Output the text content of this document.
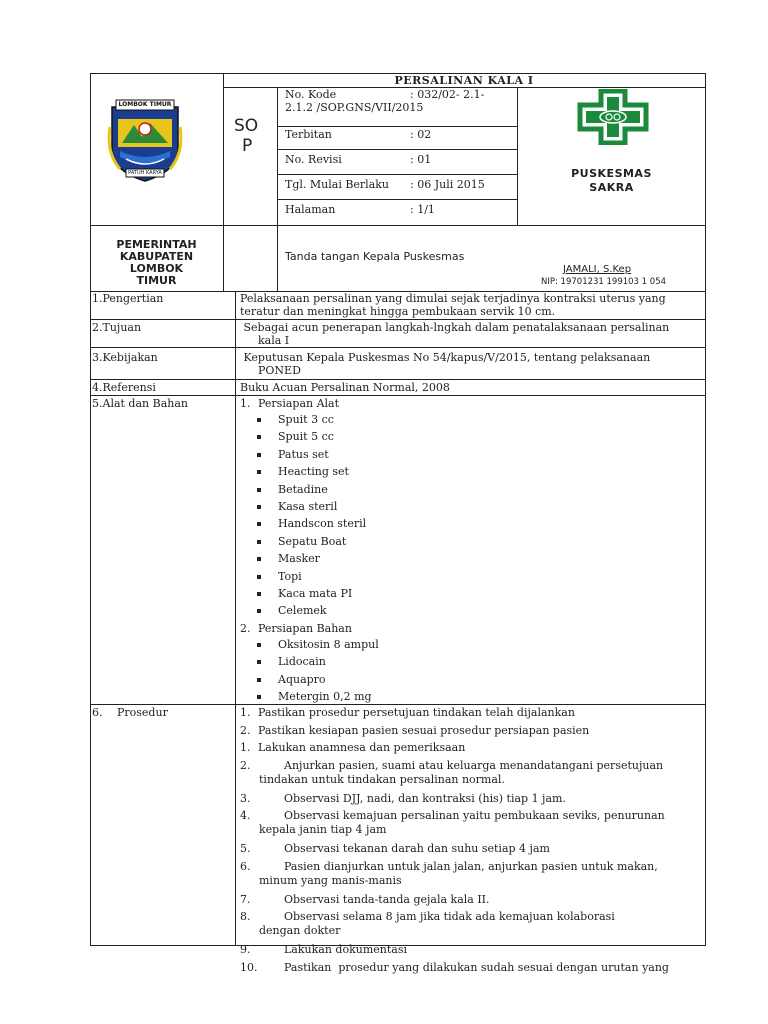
PERSALINAN KALA I
LOMBOK TIMUR
PATUH KARYA
SO
P
No. Kode	: 032/02- 2.1-
2.1.2 /SOP.GNS/VII/2015
Terbitan	: 02
No. Revisi	: 01
Tgl. Mulai Berlaku : 06 Juli 2015
Halaman	: 1/1
PUSKESMAS
SAKRA
PEMERINTAH
KABUPATEN
LOMBOK
TIMUR
Tanda tangan Kepala Puskesmas
JAMALI, S.Kep
NIP: 19701231 199103 1 054
1.Pengertian	Pelaksanaan persalinan yang dimulai sejak terjadinya kontraksi uterus yang
teratur dan meningkat hingga pembukaan servik 10 cm.
2.Tujuan	Sebagai acun penerapan langkah-lngkah dalam penatalaksanaan persalinan
kala I
3.Kebijakan	Keputusan Kepala Puskesmas No 54/kapus/V/2015, tentang pelaksanaan
PONED
4.Referensi	Buku Acuan Persalinan Normal, 2008
5.Alat dan Bahan	1. Persiapan Alat
Spuit 3 cc
Spuit 5 cc
Patus set
Heacting set
Betadine
Kasa steril
Handscon steril
Sepatu Boat
Masker
Topi
Kaca mata PI
Celemek
2. Persiapan Bahan
Oksitosin 8 ampul
Lidocain
Aquapro
Metergin 0,2 mg
6. Prosedur	1. Pastikan prosedur persetujuan tindakan telah dijalankan
2. Pastikan kesiapan pasien sesuai prosedur persiapan pasien
1. Lakukan anamnesa dan pemeriksaan
2.	Anjurkan pasien, suami atau keluarga menandatangani persetujuan
tindakan untuk tindakan persalinan normal.
3.	Observasi DJJ, nadi, dan kontraksi (his) tiap 1 jam.
4.	Observasi kemajuan persalinan yaitu pembukaan seviks, penurunan
kepala janin tiap 4 jam
5.	Observasi tekanan darah dan suhu setiap 4 jam
6.	Pasien dianjurkan untuk jalan jalan, anjurkan pasien untuk makan,
minum yang manis-manis
7.	Observasi tanda-tanda gejala kala II.
8.	Observasi selama 8 jam jika tidak ada kemajuan kolaborasi
dengan dokter
9.	Lakukan dokumentasi
10. Pastikan  prosedur yang dilakukan sudah sesuai dengan urutan yang
